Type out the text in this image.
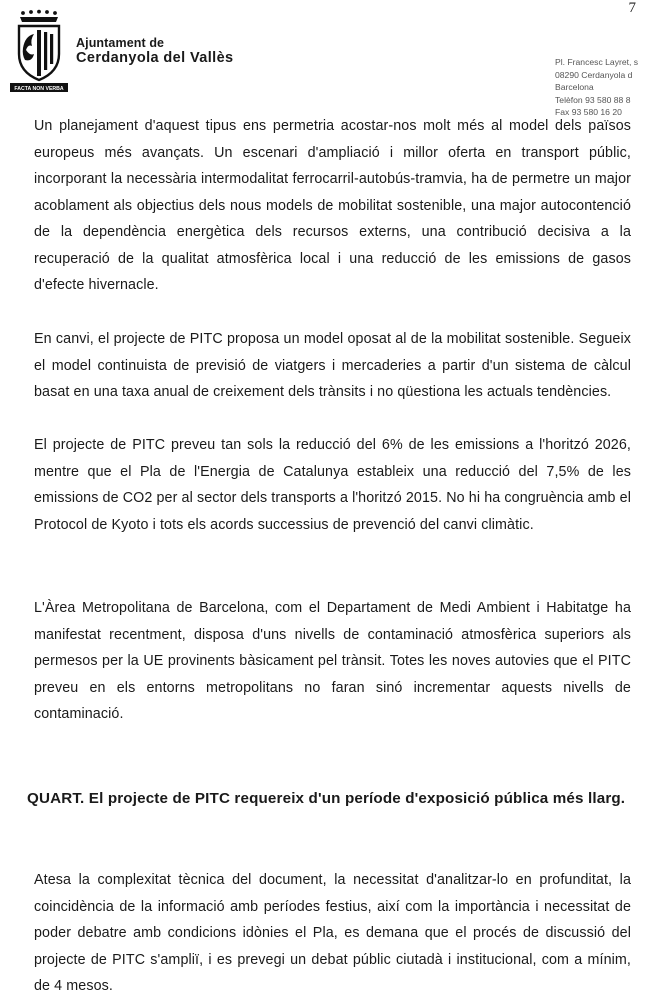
7
FACTA NON VERBA
Ajuntament de
Cerdanyola del Vallès	Pl. Francesc Layret, s
08290 Cerdanyola d
Barcelona
Telèfon 93 580 88 8
Fax 93 580 16 20

Un planejament d'aquest tipus ens permetria acostar-nos molt més al model dels països europeus més avançats. Un escenari d'ampliació i millor oferta en transport públic, incorporant la necessària intermodalitat ferrocarril-autobús-tramvia, ha de permetre un major acoblament als objectius dels nous models de mobilitat sostenible, una major autocontenció de la dependència energètica dels recursos externs, una contribució decisiva a la recuperació de la qualitat atmosfèrica local i una reducció de les emissions de gasos d'efecte hivernacle.

En canvi, el projecte de PITC proposa un model oposat al de la mobilitat sostenible. Segueix el model continuista de previsió de viatgers i mercaderies a partir d'un sistema de càlcul basat en una taxa anual de creixement dels trànsits i no qüestiona les actuals tendències.

El projecte de PITC preveu tan sols la reducció del 6% de les emissions a l'horitzó 2026, mentre que el Pla de l'Energia de Catalunya estableix una reducció del 7,5% de les emissions de CO2 per al sector dels transports a l'horitzó 2015. No hi ha congruència amb el Protocol de Kyoto i tots els acords successius de prevenció del canvi climàtic.

L'Àrea Metropolitana de Barcelona, com el Departament de Medi Ambient i Habitatge ha manifestat recentment, disposa d'uns nivells de contaminació atmosfèrica superiors als permesos per la UE provinents bàsicament pel trànsit. Totes les noves autovies que el PITC preveu en els entorns metropolitans no faran sinó incrementar aquests nivells de contaminació.

QUART. El projecte de PITC requereix d'un període d'exposició pública més llarg.

Atesa la complexitat tècnica del document, la necessitat d'analitzar-lo en profunditat, la coincidència de la informació amb períodes festius, així com la importància i necessitat de poder debatre amb condicions idònies el Pla, es demana que el procés de discussió del projecte de PITC s'ampliï, i es prevegi un debat públic ciutadà i institucional, com a mínim, de 4 mesos.
